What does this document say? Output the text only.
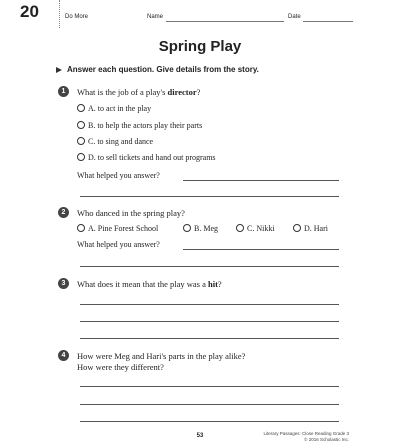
20	Do More	Name	Date
Spring Play
Answer each question. Give details from the story.
1	What is the job of a play's director?
A. to act in the play
B. to help the actors play their parts
C. to sing and dance
D. to sell tickets and hand out programs
What helped you answer?
2	Who danced in the spring play?
A. Pine Forest School	B. Meg	C. Nikki	D. Hari
What helped you answer?
3	What does it mean that the play was a hit?
4	How were Meg and Hari's parts in the play alike?
How were they different?
53	Literary Passages: Close Reading Grade 3
© 2016 Scholastic Inc.
